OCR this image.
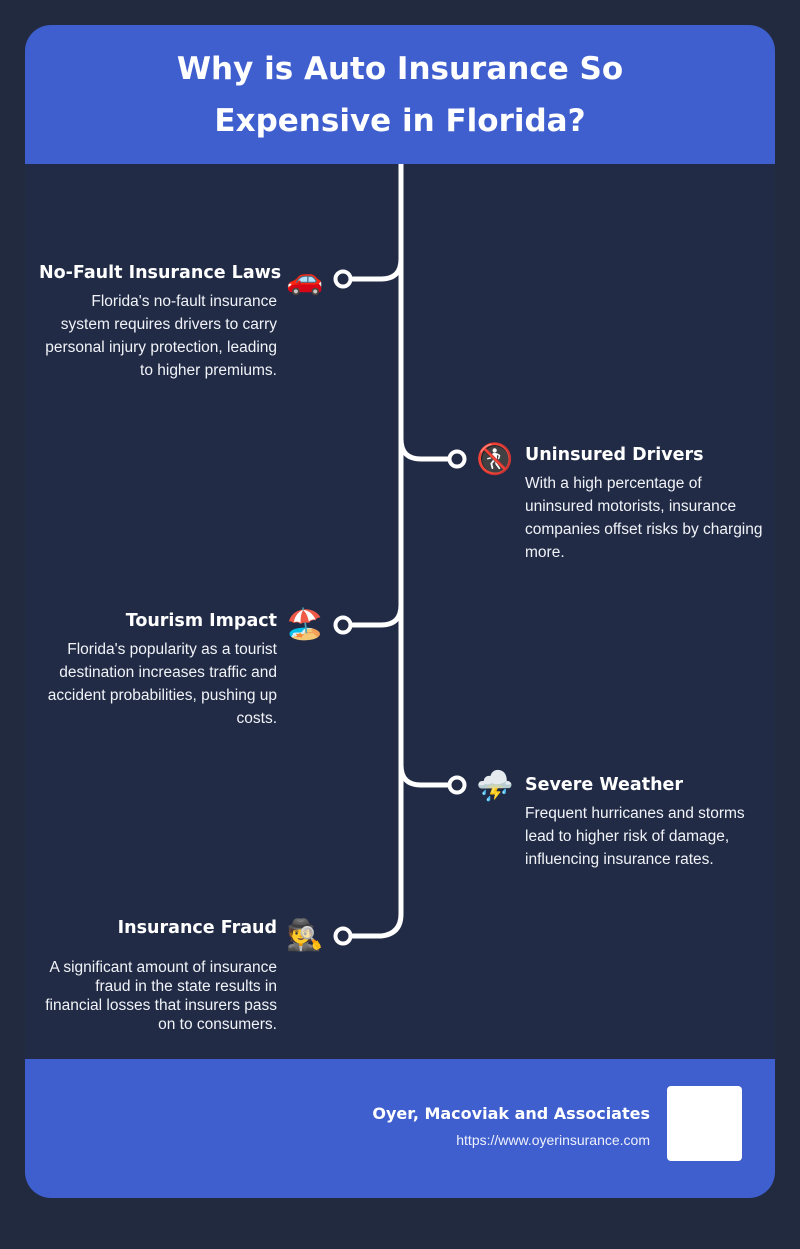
Why is Auto Insurance So Expensive in Florida?
No-Fault Insurance Laws
Florida's no-fault insurance system requires drivers to carry personal injury protection, leading to higher premiums.
🚗
🚷 Uninsured Drivers
With a high percentage of uninsured motorists, insurance companies offset risks by charging more.
Tourism Impact
Florida's popularity as a tourist destination increases traffic and accident probabilities, pushing up costs.
🏖️
⛈️ Severe Weather
Frequent hurricanes and storms lead to higher risk of damage, influencing insurance rates.
Insurance Fraud
A significant amount of insurance fraud in the state results in financial losses that insurers pass on to consumers.
🕵️
Oyer, Macoviak and Associates
https://www.oyerinsurance.com
